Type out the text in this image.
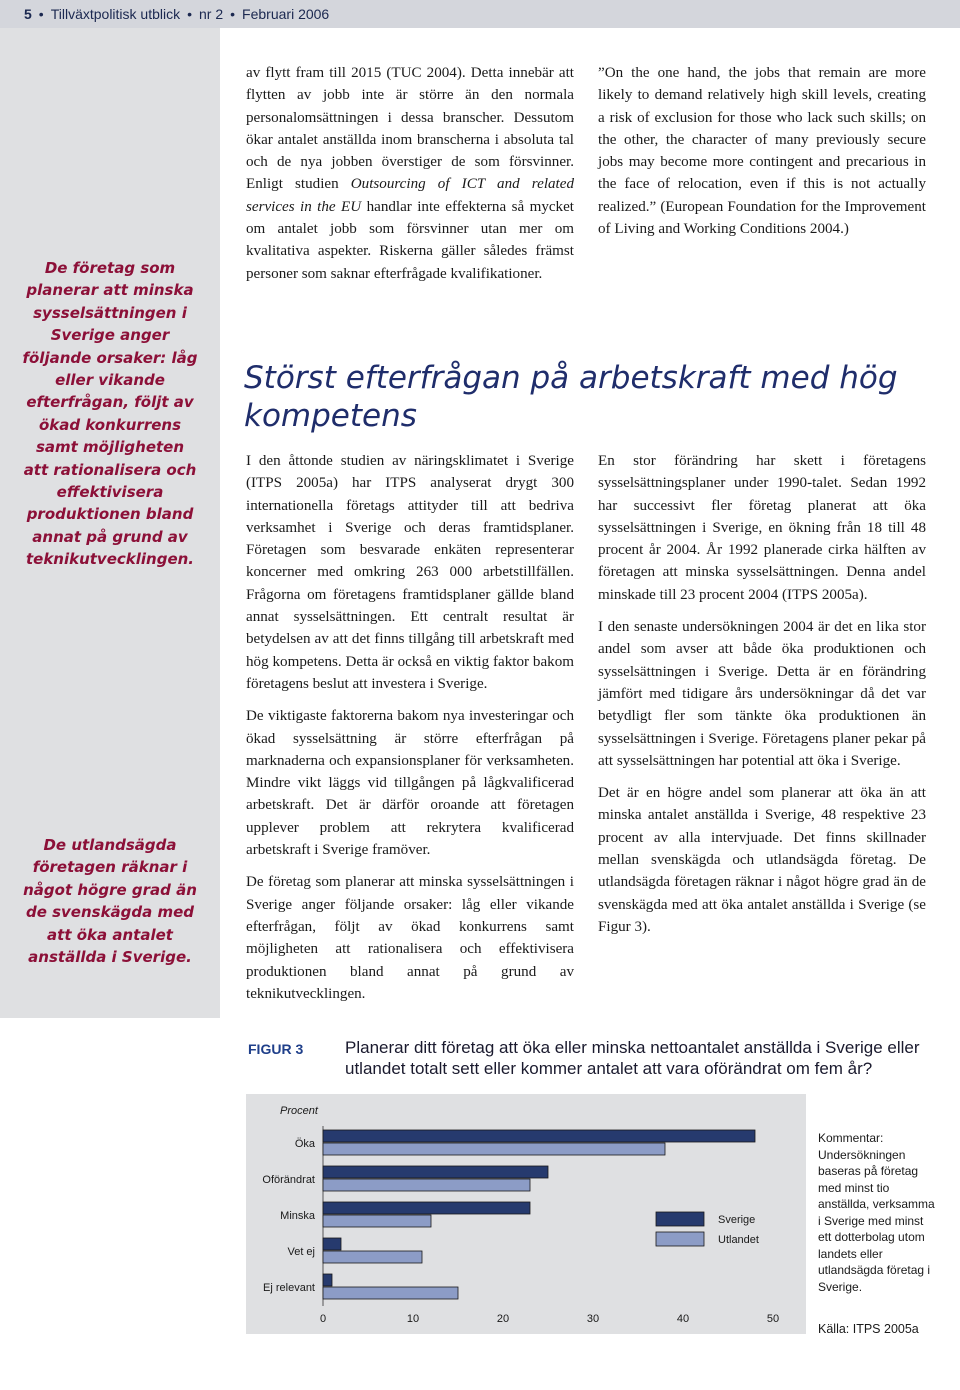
5 • Tillväxtpolitisk utblick • nr 2 • Februari 2006
De företag som planerar att minska sysselsättningen i Sverige anger följande orsaker: låg eller vikande efterfrågan, följt av ökad konkurrens samt möjligheten att rationalisera och effektivisera produktionen bland annat på grund av teknikutvecklingen.
De utlandsägda företagen räknar i något högre grad än de svenskägda med att öka antalet anställda i Sverige.

av flytt fram till 2015 (TUC 2004). Detta innebär att flytten av jobb inte är större än den normala personalomsättningen i dessa branscher. Dessutom ökar antalet anställda inom branscherna i absoluta tal och de nya jobben överstiger de som försvinner. Enligt studien Outsourcing of ICT and related services in the EU handlar inte effekterna så mycket om antalet jobb som försvinner utan mer om kvalitativa aspekter. Riskerna gäller således främst personer som saknar efterfrågade kvalifikationer.

”On the one hand, the jobs that remain are more likely to demand relatively high skill levels, creating a risk of exclusion for those who lack such skills; on the other, the character of many previously secure jobs may become more contingent and precarious in the face of relocation, even if this is not actually realized.” (European Foundation for the Improvement of Living and Working Conditions 2004.)

Störst efterfrågan på arbetskraft med hög kompetens

I den åttonde studien av näringsklimatet i Sverige (ITPS 2005a) har ITPS analyserat drygt 300 internationella företags attityder till att bedriva verksamhet i Sverige och deras framtidsplaner. Företagen som besvarade enkäten representerar koncerner med omkring 263 000 arbetstillfällen. Frågorna om företagens framtidsplaner gällde bland annat sysselsättningen. Ett centralt resultat är betydelsen av att det finns tillgång till arbetskraft med hög kompetens. Detta är också en viktig faktor bakom företagens beslut att investera i Sverige.

De viktigaste faktorerna bakom nya investeringar och ökad sysselsättning är större efterfrågan på marknaderna och expansionsplaner för verksamheten. Mindre vikt läggs vid tillgången på lågkvalificerad arbetskraft. Det är därför oroande att företagen upplever problem att rekrytera kvalificerad arbetskraft i Sverige framöver.

De företag som planerar att minska sysselsättningen i Sverige anger följande orsaker: låg eller vikande efterfrågan, följt av ökad konkurrens samt möjligheten att rationalisera och effektivisera produktionen bland annat på grund av teknikutvecklingen.

En stor förändring har skett i företagens sysselsättningsplaner under 1990-talet. Sedan 1992 har successivt fler företag planerat att öka sysselsättningen i Sverige, en ökning från 18 till 48 procent år 2004. År 1992 planerade cirka hälften av företagen att minska sysselsättningen. Denna andel minskade till 23 procent 2004 (ITPS 2005a).

I den senaste undersökningen 2004 är det en lika stor andel som avser att både öka produktionen och sysselsättningen i Sverige. Detta är en förändring jämfört med tidigare års undersökningar då det var betydligt fler som tänkte öka produktionen än sysselsättningen i Sverige. Företagens planer pekar på att sysselsättningen har potential att öka i Sverige.

Det är en högre andel som planerar att öka än att minska antalet anställda i Sverige, 48 respektive 23 procent av alla intervjuade. Det finns skillnader mellan svenskägda och utlandsägda företag. De utlandsägda företagen räknar i något högre grad än de svenskägda med att öka antalet anställda i Sverige (se Figur 3).

FIGUR 3 Planerar ditt företag att öka eller minska nettoantalet anställda i Sverige eller utlandet totalt sett eller kommer antalet att vara oförändrat om fem år?
Procent
Öka
Oförändrat
Minska
Vet ej
Ej relevant
0	10	20	30	40	50
Sverige
Utlandet
Kommentar: Undersökningen baseras på företag med minst tio anställda, verksamma i Sverige med minst ett dotterbolag utom landets eller utlandsägda företag i Sverige.
Källa: ITPS 2005a
